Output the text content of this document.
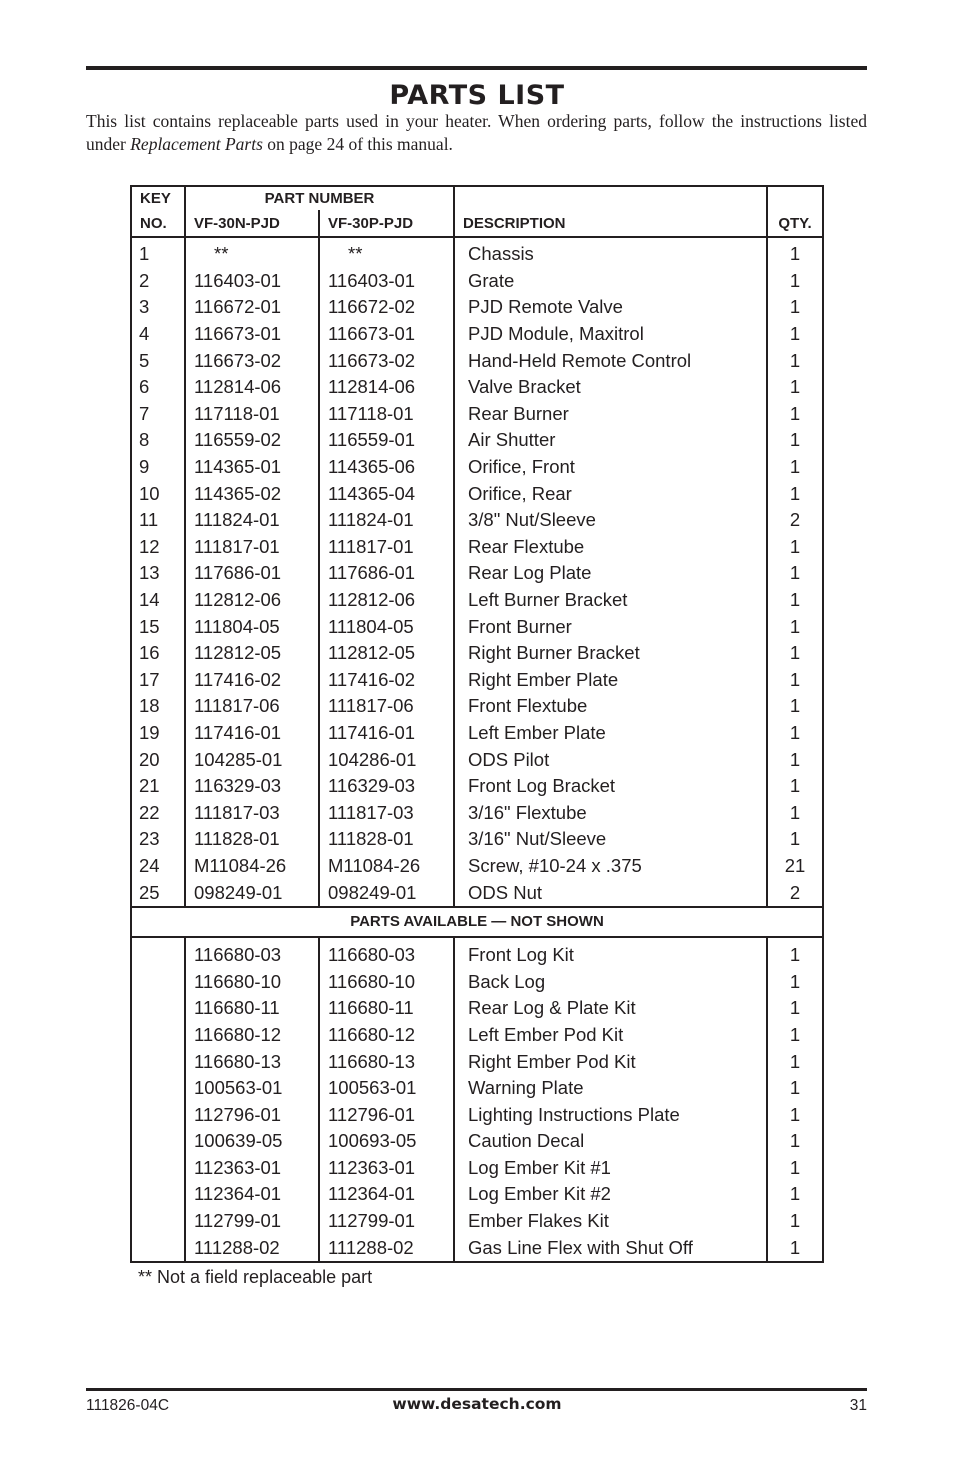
PARTS LIST
This list contains replaceable parts used in your heater. When ordering parts, follow the instructions listed under Replacement Parts on page 24 of this manual.
KEY	PART NUMBER			
NO.	VF-30N-PJD	VF-30P-PJD	DESCRIPTION	QTY.
1	**	**	Chassis	1
2	116403-01	116403-01	Grate	1
3	116672-01	116672-02	PJD Remote Valve	1
4	116673-01	116673-01	PJD Module, Maxitrol	1
5	116673-02	116673-02	Hand-Held Remote Control	1
6	112814-06	112814-06	Valve Bracket	1
7	117118-01	117118-01	Rear Burner	1
8	116559-02	116559-01	Air Shutter	1
9	114365-01	114365-06	Orifice, Front	1
10	114365-02	114365-04	Orifice, Rear	1
11	111824-01	111824-01	3/8" Nut/Sleeve	2
12	111817-01	111817-01	Rear Flextube	1
13	117686-01	117686-01	Rear Log Plate	1
14	112812-06	112812-06	Left Burner Bracket	1
15	111804-05	111804-05	Front Burner	1
16	112812-05	112812-05	Right Burner Bracket	1
17	117416-02	117416-02	Right Ember Plate	1
18	111817-06	111817-06	Front Flextube	1
19	117416-01	117416-01	Left Ember Plate	1
20	104285-01	104286-01	ODS Pilot	1
21	116329-03	116329-03	Front Log Bracket	1
22	111817-03	111817-03	3/16" Flextube	1
23	111828-01	111828-01	3/16" Nut/Sleeve	1
24	M11084-26	M11084-26	Screw, #10-24 x .375	21
25	098249-01	098249-01	ODS Nut	2
PARTS AVAILABLE — NOT SHOWN				
	116680-03	116680-03	Front Log Kit	1
	116680-10	116680-10	Back Log	1
	116680-11	116680-11	Rear Log & Plate Kit	1
	116680-12	116680-12	Left Ember Pod Kit	1
	116680-13	116680-13	Right Ember Pod Kit	1
	100563-01	100563-01	Warning Plate	1
	112796-01	112796-01	Lighting Instructions Plate	1
	100639-05	100693-05	Caution Decal	1
	112363-01	112363-01	Log Ember Kit #1	1
	112364-01	112364-01	Log Ember Kit #2	1
	112799-01	112799-01	Ember Flakes Kit	1
	111288-02	111288-02	Gas Line Flex with Shut Off	1
** Not a field replaceable part
111826-04C	www.desatech.com	31
